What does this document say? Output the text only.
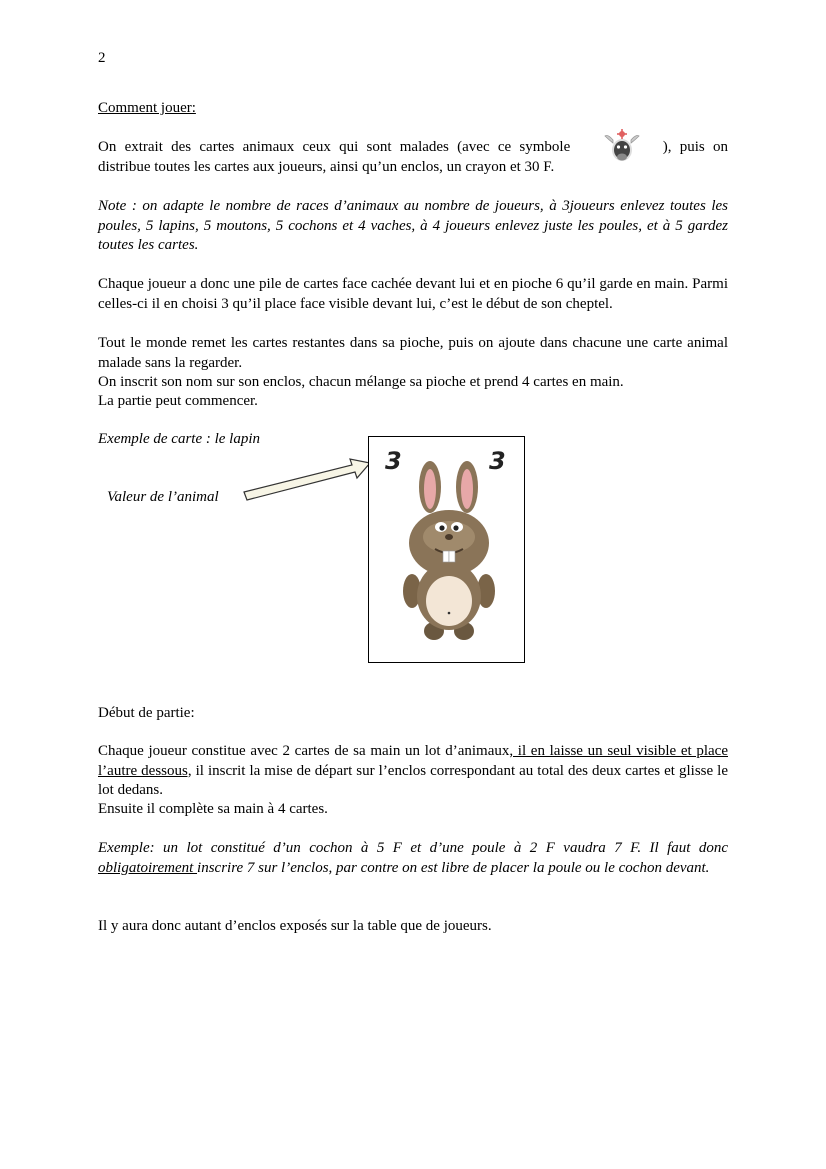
2

Comment jouer:

On extrait des cartes animaux ceux qui sont malades (avec ce symbole	), puis on
distribue toutes les cartes aux joueurs, ainsi qu’un enclos, un crayon et 30 F.

Note : on adapte le nombre de races d’animaux au nombre de joueurs, à 3joueurs enlevez toutes les poules, 5 lapins, 5 moutons, 5 cochons et 4 vaches, à 4 joueurs enlevez juste les poules, et à 5 gardez toutes les cartes.

Chaque joueur a donc une pile de cartes face cachée devant lui et en pioche 6 qu’il garde en main. Parmi celles-ci il en choisi 3 qu’il place face visible devant lui, c’est le début de son cheptel.

Tout le monde remet les cartes restantes dans sa pioche, puis on ajoute dans chacune une carte animal malade sans la regarder.

On inscrit son nom sur son enclos, chacun mélange sa pioche et prend 4 cartes en main.

La partie peut commencer.

Exemple de carte : le lapin
Valeur de l’animal
3	3

Début de partie:

Chaque joueur constitue avec 2 cartes de sa main un lot d’animaux, il en laisse un seul visible et place l’autre dessous, il inscrit la mise de départ sur l’enclos correspondant au total des deux cartes et glisse le lot dedans.

Ensuite il complète sa main à 4 cartes.

Exemple: un lot constitué d’un cochon à 5 F et d’une poule à 2 F vaudra 7 F. Il faut donc obligatoirement inscrire 7 sur l’enclos, par contre on est libre de placer la poule ou le cochon devant.

Il y aura donc autant d’enclos exposés sur la table que de joueurs.
